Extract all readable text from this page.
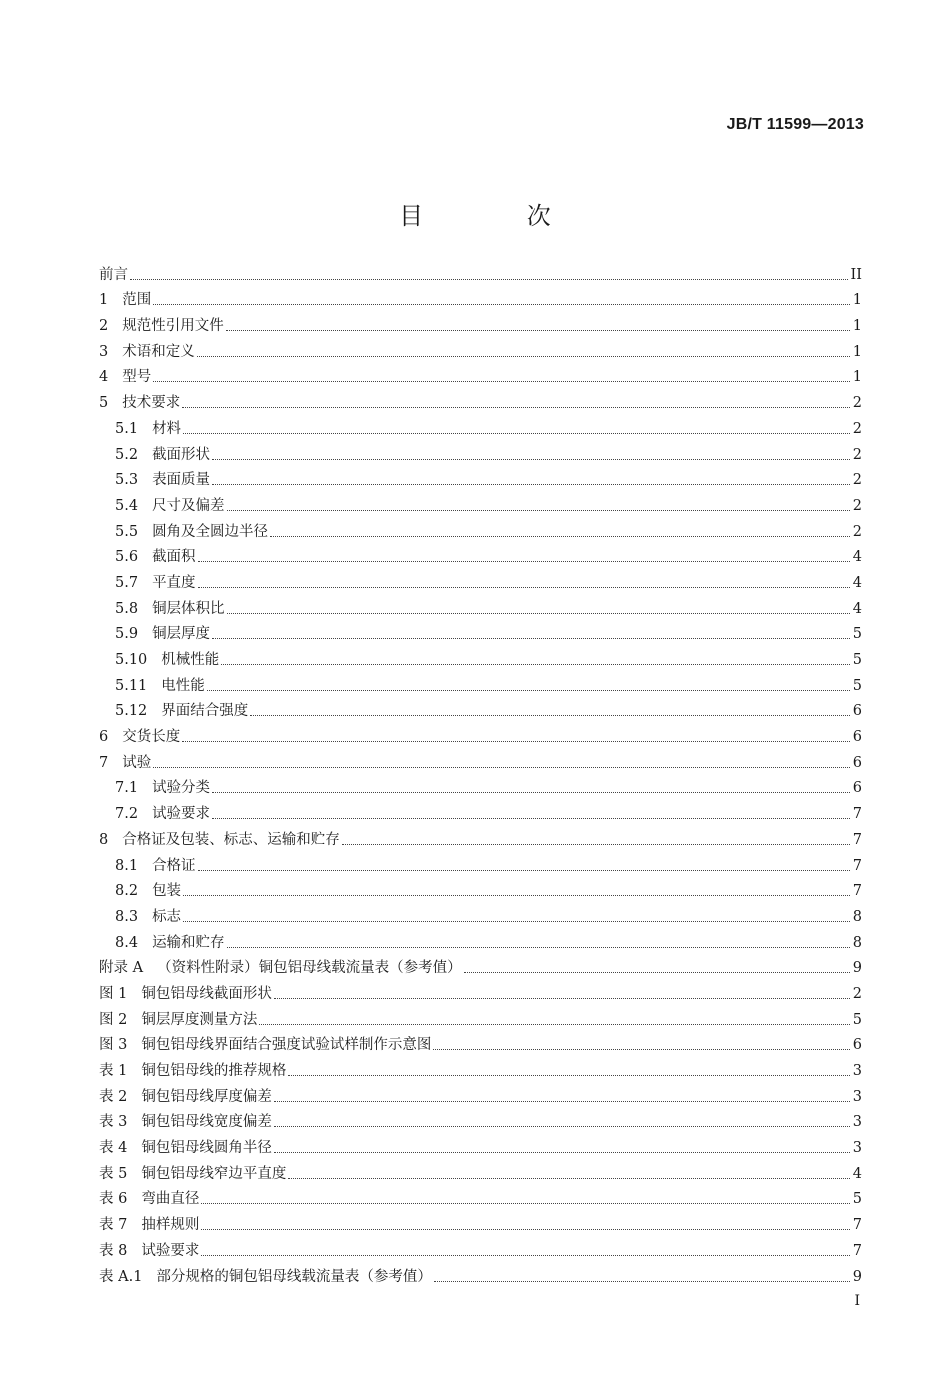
JB/T 11599—2013
目 次
前言	II
1 范围	1
2 规范性引用文件	1
3 术语和定义	1
4 型号	1
5 技术要求	2
5.1 材料	2
5.2 截面形状	2
5.3 表面质量	2
5.4 尺寸及偏差	2
5.5 圆角及全圆边半径	2
5.6 截面积	4
5.7 平直度	4
5.8 铜层体积比	4
5.9 铜层厚度	5
5.10 机械性能	5
5.11 电性能	5
5.12 界面结合强度	6
6 交货长度	6
7 试验	6
7.1 试验分类	6
7.2 试验要求	7
8 合格证及包装、标志、运输和贮存	7
8.1 合格证	7
8.2 包装	7
8.3 标志	8
8.4 运输和贮存	8
附录 A （资料性附录）铜包铝母线载流量表（参考值）	9
图 1 铜包铝母线截面形状	2
图 2 铜层厚度测量方法	5
图 3 铜包铝母线界面结合强度试验试样制作示意图	6
表 1 铜包铝母线的推荐规格	3
表 2 铜包铝母线厚度偏差	3
表 3 铜包铝母线宽度偏差	3
表 4 铜包铝母线圆角半径	3
表 5 铜包铝母线窄边平直度	4
表 6 弯曲直径	5
表 7 抽样规则	7
表 8 试验要求	7
表 A.1 部分规格的铜包铝母线载流量表（参考值）	9
I
